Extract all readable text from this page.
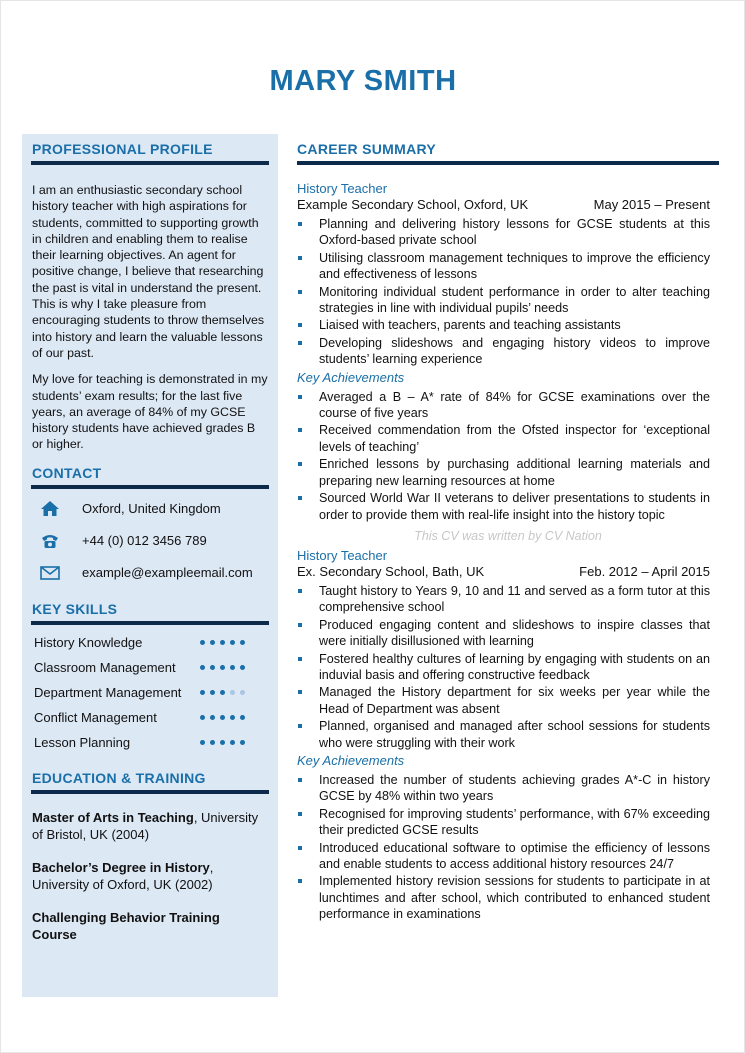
MARY SMITH
PROFESSIONAL PROFILE

I am an enthusiastic secondary school history teacher with high aspirations for students, committed to supporting growth in children and enabling them to realise their learning objectives. An agent for positive change, I believe that researching the past is vital in understand the present. This is why I take pleasure from encouraging students to throw themselves into history and learn the valuable lessons of our past.

My love for teaching is demonstrated in my students’ exam results; for the last five years, an average of 84% of my GCSE history students have achieved grades B or higher.

CONTACT
Oxford, United Kingdom
+44 (0) 012 3456 789
example@exampleemail.com
KEY SKILLS
History Knowledge
Classroom Management
Department Management
Conflict Management
Lesson Planning
EDUCATION & TRAINING

Master of Arts in Teaching, University of Bristol, UK (2004)

Bachelor’s Degree in History, University of Oxford, UK (2002)

Challenging Behavior Training Course

CAREER SUMMARY
History Teacher
Example Secondary School, Oxford, UK	May 2015 – Present
Planning and delivering history lessons for GCSE students at this Oxford-based private school
Utilising classroom management techniques to improve the efficiency and effectiveness of lessons
Monitoring individual student performance in order to alter teaching strategies in line with individual pupils’ needs
Liaised with teachers, parents and teaching assistants
Developing slideshows and engaging history videos to improve students’ learning experience
Key Achievements
Averaged a B – A* rate of 84% for GCSE examinations over the course of five years
Received commendation from the Ofsted inspector for ‘exceptional levels of teaching’
Enriched lessons by purchasing additional learning materials and preparing new learning resources at home
Sourced World War II veterans to deliver presentations to students in order to provide them with real-life insight into the history topic
This CV was written by CV Nation
History Teacher
Ex. Secondary School, Bath, UK	Feb. 2012 – April 2015
Taught history to Years 9, 10 and 11 and served as a form tutor at this comprehensive school
Produced engaging content and slideshows to inspire classes that were initially disillusioned with learning
Fostered healthy cultures of learning by engaging with students on an induvial basis and offering constructive feedback
Managed the History department for six weeks per year while the Head of Department was absent
Planned, organised and managed after school sessions for students who were struggling with their work
Key Achievements
Increased the number of students achieving grades A*-C in history GCSE by 48% within two years
Recognised for improving students’ performance, with 67% exceeding their predicted GCSE results
Introduced educational software to optimise the efficiency of lessons and enable students to access additional history resources 24/7
Implemented history revision sessions for students to participate in at lunchtimes and after school, which contributed to enhanced student performance in examinations
